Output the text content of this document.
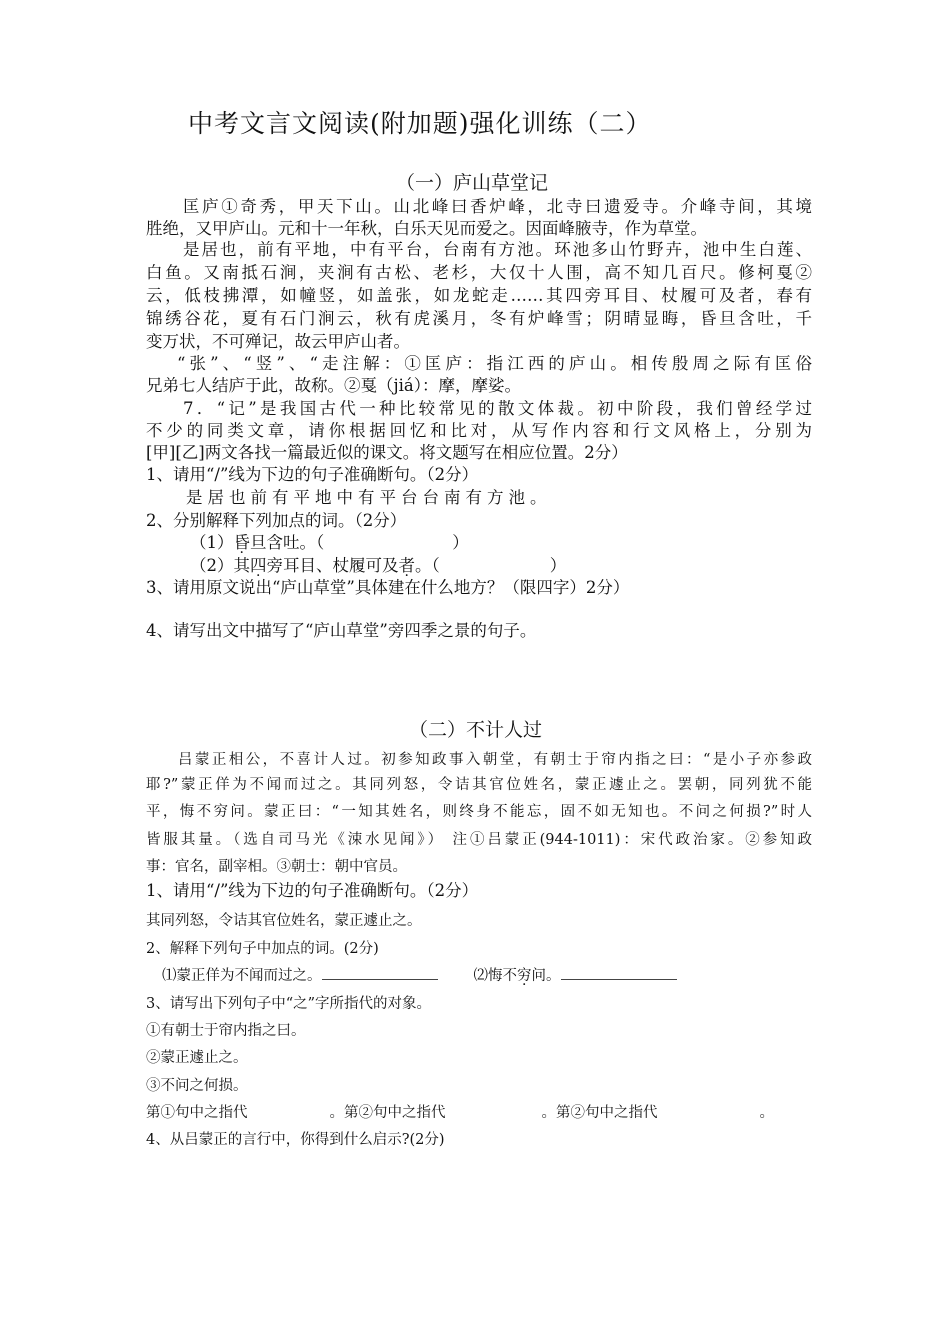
中考文言文阅读(附加题)强化训练（二）
（一）庐山草堂记
匡庐①奇秀，甲天下山。山北峰曰香炉峰，北寺曰遗爱寺。介峰寺间，其境
胜绝，又甲庐山。元和十一年秋，白乐天见而爱之。因面峰腋寺，作为草堂。
是居也，前有平地，中有平台，台南有方池。环池多山竹野卉，池中生白莲、
白鱼。又南抵石涧，夹涧有古松、老杉，大仅十人围，高不知几百尺。修柯戛②
云，低枝拂潭，如幢竖，如盖张，如龙蛇走……其四旁耳目、杖履可及者，春有
锦绣谷花，夏有石门涧云，秋有虎溪月，冬有炉峰雪；阴晴显晦，昏旦含吐，千
变万状，不可殚记，故云甲庐山者。
“张”、“竖”、“走注解：①匡庐：指江西的庐山。相传殷周之际有匡俗
兄弟七人结庐于此，故称。②戛（jiá）：摩，摩娑。
7．“记”是我国古代一种比较常见的散文体裁。初中阶段，我们曾经学过
不少的同类文章，请你根据回忆和比对，从写作内容和行文风格上，分别为
[甲][乙]两文各找一篇最近似的课文。将文题写在相应位置。2分）
1、请用“/”线为下边的句子准确断句。（2分）
是居也前有平地中有平台台南有方池。
2、分别解释下列加点的词。（2分）
（1）昏旦含吐。（	）
（2）其四旁耳目、杖履可及者。（	）
3、请用原文说出“庐山草堂”具体建在什么地方？（限四字）2分）
4、请写出文中描写了“庐山草堂”旁四季之景的句子。
（二）不计人过
吕蒙正相公，不喜计人过。初参知政事入朝堂，有朝士于帘内指之曰：“是小子亦参政
耶?”蒙正佯为不闻而过之。其同列怒，令诘其官位姓名，蒙正遽止之。罢朝，同列犹不能
平，悔不穷问。蒙正曰：“一知其姓名，则终身不能忘，固不如无知也。不问之何损?”时人
皆服其量。（选自司马光《涑水见闻》） 注①吕蒙正(944-1011)：宋代政治家。②参知政
事：官名，副宰相。③朝士：朝中官员。
1、请用“/”线为下边的句子准确断句。（2分）
其同列怒，令诘其官位姓名，蒙正遽止之。
2、解释下列句子中加点的词。(2分)
⑴蒙正佯为不闻而过之。	⑵悔不穷问。
3、请写出下列句子中“之”字所指代的对象。
①有朝士于帘内指之曰。
②蒙正遽止之。
③不问之何损。
第①句中之指代	。第②句中之指代	。第②句中之指代	。
4、从吕蒙正的言行中，你得到什么启示?(2分)
